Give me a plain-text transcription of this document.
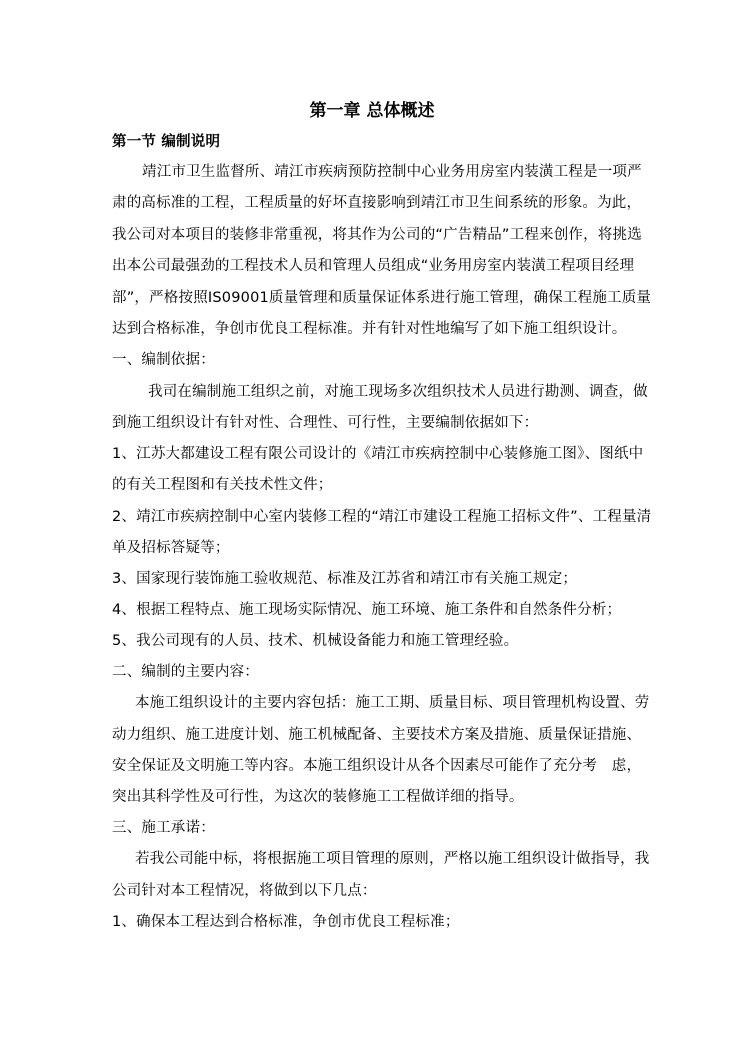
第一章 总体概述
第一节 编制说明
靖江市卫生监督所、靖江市疾病预防控制中心业务用房室内装潢工程是一项严
肃的高标准的工程，工程质量的好坏直接影响到靖江市卫生间系统的形象。为此，
我公司对本项目的装修非常重视，将其作为公司的“广告精品”工程来创作，将挑选
出本公司最强劲的工程技术人员和管理人员组成“业务用房室内装潢工程项目经理
部”，严格按照IS09001质量管理和质量保证体系进行施工管理，确保工程施工质量
达到合格标准，争创市优良工程标准。并有针对性地编写了如下施工组织设计。
一、编制依据：
我司在编制施工组织之前，对施工现场多次组织技术人员进行勘测、调查，做
到施工组织设计有针对性、合理性、可行性，主要编制依据如下：
1、江苏大都建设工程有限公司设计的《靖江市疾病控制中心装修施工图》、图纸中
的有关工程图和有关技术性文件；
2、靖江市疾病控制中心室内装修工程的“靖江市建设工程施工招标文件”、工程量清
单及招标答疑等；
3、国家现行装饰施工验收规范、标准及江苏省和靖江市有关施工规定；
4、根据工程特点、施工现场实际情况、施工环境、施工条件和自然条件分析；
5、我公司现有的人员、技术、机械设备能力和施工管理经验。
二、编制的主要内容：
本施工组织设计的主要内容包括：施工工期、质量目标、项目管理机构设置、劳
动力组织、施工进度计划、施工机械配备、主要技术方案及措施、质量保证措施、
安全保证及文明施工等内容。本施工组织设计从各个因素尽可能作了充分考　虑，
突出其科学性及可行性，为这次的装修施工工程做详细的指导。
三、施工承诺：
若我公司能中标，将根据施工项目管理的原则，严格以施工组织设计做指导，我
公司针对本工程情况，将做到以下几点：
1、确保本工程达到合格标准，争创市优良工程标准；
